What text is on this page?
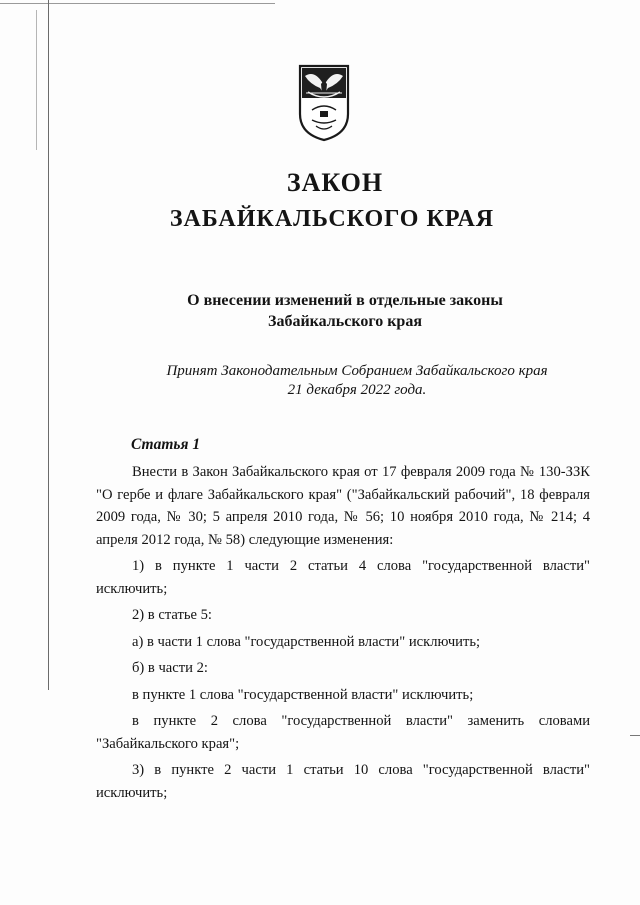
ЗАКОН
ЗАБАЙКАЛЬСКОГО КРАЯ
О внесении изменений в отдельные законы
Забайкальского края
Принят Законодательным Собранием Забайкальского края
21 декабря 2022 года.
Статья 1

Внести в Закон Забайкальского края от 17 февраля 2009 года № 130-ЗЗК "О гербе и флаге Забайкальского края" ("Забайкальский рабочий", 18 февраля 2009 года, № 30; 5 апреля 2010 года, № 56; 10 ноября 2010 года, № 214; 4 апреля 2012 года, № 58) следующие изменения:

1) в пункте 1 части 2 статьи 4 слова "государственной власти" исключить;

2) в статье 5:

а) в части 1 слова "государственной власти" исключить;

б) в части 2:

в пункте 1 слова "государственной власти" исключить;

в пункте 2 слова "государственной власти" заменить словами "Забайкальского края";

3) в пункте 2 части 1 статьи 10 слова "государственной власти" исключить;
